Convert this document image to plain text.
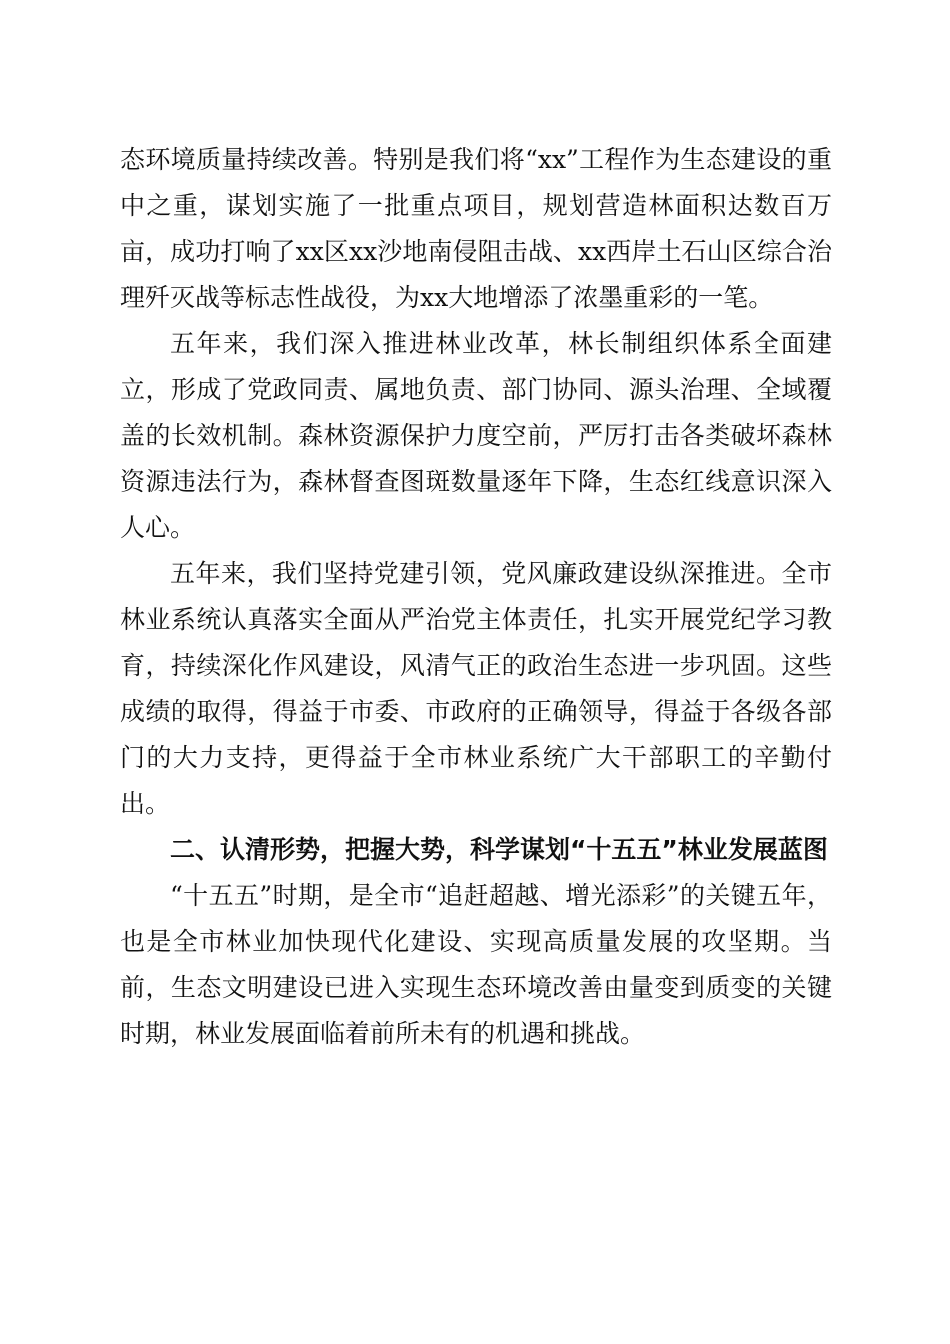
态环境质量持续改善。特别是我们将“xx”工程作为生态建设的重中之重，谋划实施了一批重点项目，规划营造林面积达数百万亩，成功打响了xx区xx沙地南侵阻击战、xx西岸土石山区综合治理歼灭战等标志性战役，为xx大地增添了浓墨重彩的一笔。

五年来，我们深入推进林业改革，林长制组织体系全面建立，形成了党政同责、属地负责、部门协同、源头治理、全域覆盖的长效机制。森林资源保护力度空前，严厉打击各类破坏森林资源违法行为，森林督查图斑数量逐年下降，生态红线意识深入人心。

五年来，我们坚持党建引领，党风廉政建设纵深推进。全市林业系统认真落实全面从严治党主体责任，扎实开展党纪学习教育，持续深化作风建设，风清气正的政治生态进一步巩固。这些成绩的取得，得益于市委、市政府的正确领导，得益于各级各部门的大力支持，更得益于全市林业系统广大干部职工的辛勤付出。

二、认清形势，把握大势，科学谋划“十五五”林业发展蓝图

“十五五”时期，是全市“追赶超越、增光添彩”的关键五年，也是全市林业加快现代化建设、实现高质量发展的攻坚期。当前，生态文明建设已进入实现生态环境改善由量变到质变的关键时期，林业发展面临着前所未有的机遇和挑战。
